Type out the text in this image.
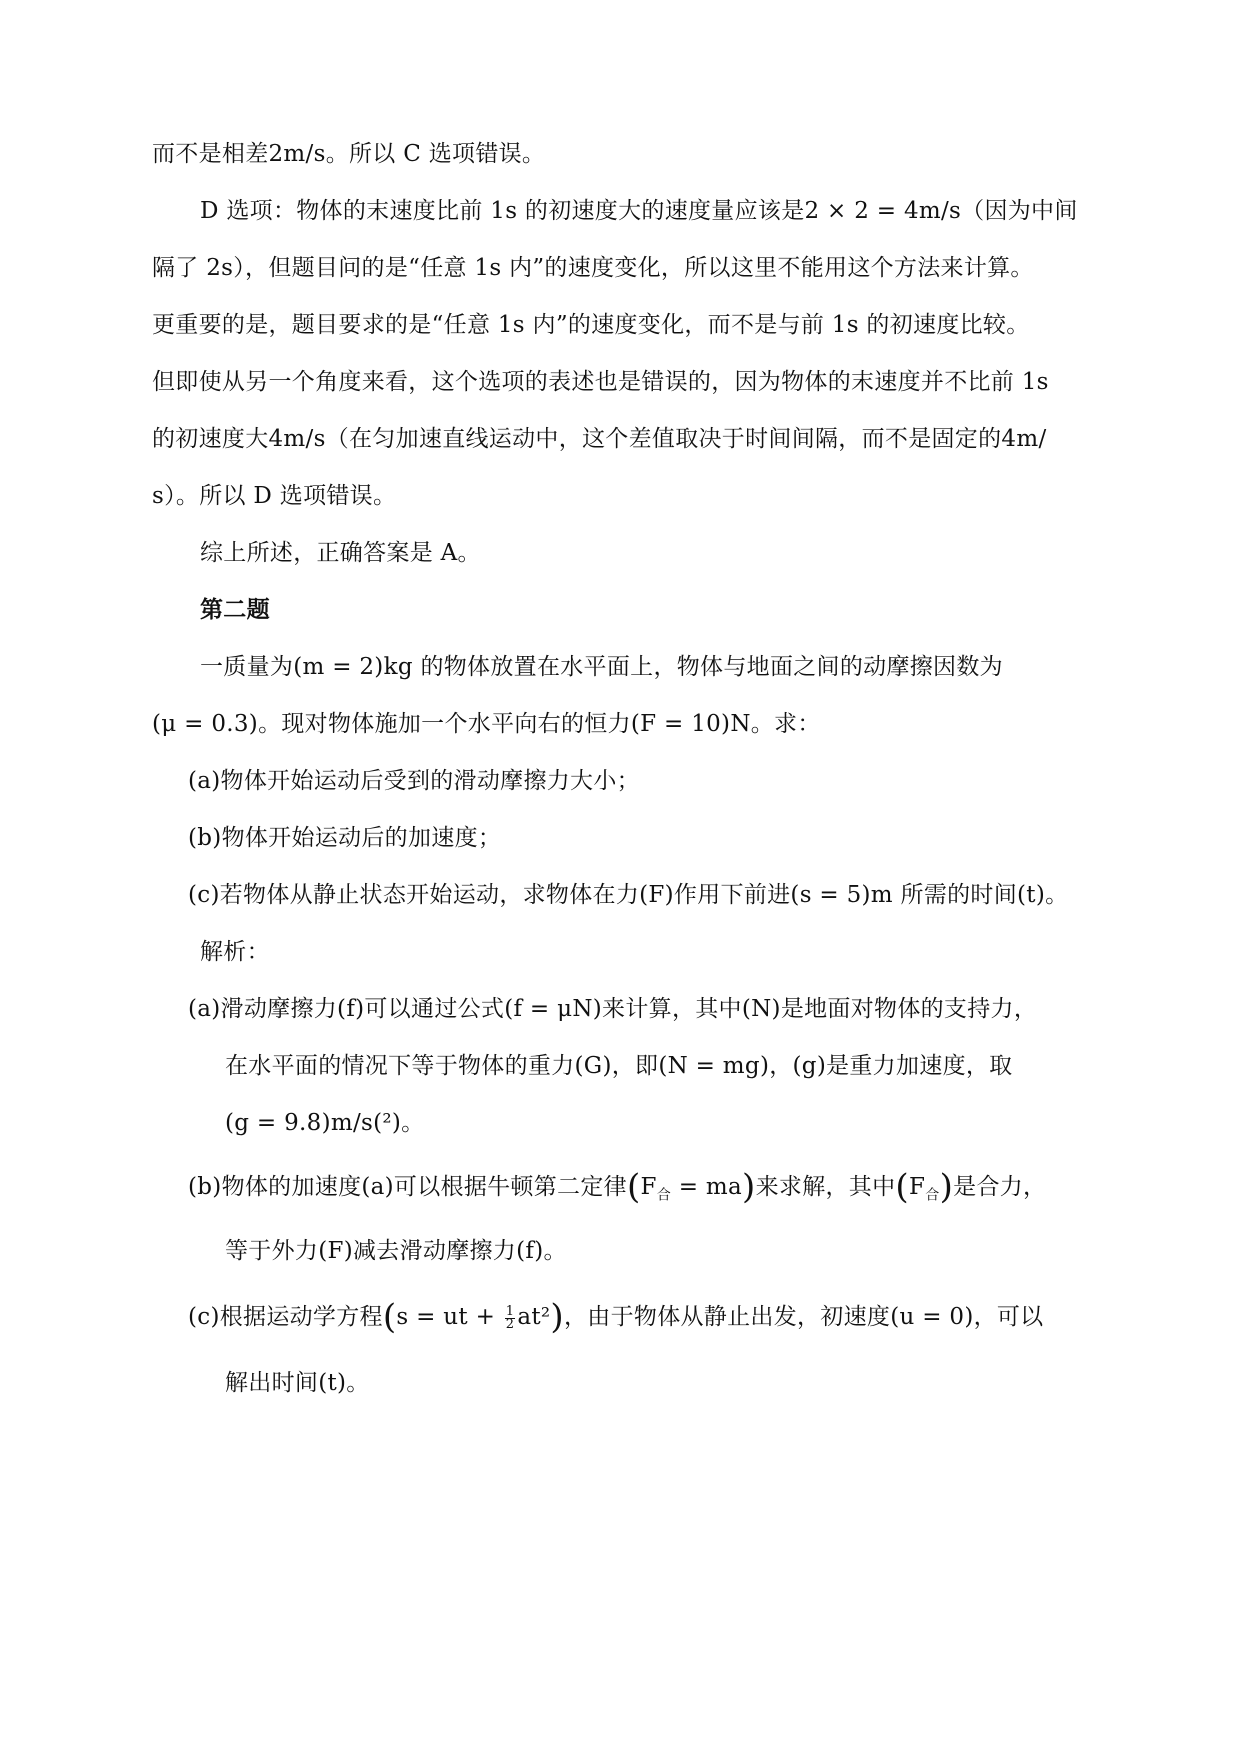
而不是相差2m/s。所以 C 选项错误。
D 选项：物体的末速度比前 1s 的初速度大的速度量应该是2 × 2 = 4m/s（因为中间
隔了 2s），但题目问的是“任意 1s 内”的速度变化，所以这里不能用这个方法来计算。
更重要的是，题目要求的是“任意 1s 内”的速度变化，而不是与前 1s 的初速度比较。
但即使从另一个角度来看，这个选项的表述也是错误的，因为物体的末速度并不比前 1s
的初速度大4m/s（在匀加速直线运动中，这个差值取决于时间间隔，而不是固定的4m/
s）。所以 D 选项错误。
综上所述，正确答案是 A。
第二题
一质量为(m = 2)kg 的物体放置在水平面上，物体与地面之间的动摩擦因数为
(μ = 0.3)。现对物体施加一个水平向右的恒力(F = 10)N。求：
(a)物体开始运动后受到的滑动摩擦力大小；
(b)物体开始运动后的加速度；
(c)若物体从静止状态开始运动，求物体在力(F)作用下前进(s = 5)m 所需的时间(t)。
解析：
(a)滑动摩擦力(f)可以通过公式(f = μN)来计算，其中(N)是地面对物体的支持力，
在水平面的情况下等于物体的重力(G)，即(N = mg)，(g)是重力加速度，取
(g = 9.8)m/s(²)。
(b)物体的加速度(a)可以根据牛顿第二定律$(F_合 = ma)$来求解，其中$(F_合)$是合力，
等于外力(F)减去滑动摩擦力(f)。
(c)根据运动学方程(s = ut + $\frac{1}{2} at^2$)，由于物体从静止出发，初速度(u = 0)，可以
解出时间(t)。
